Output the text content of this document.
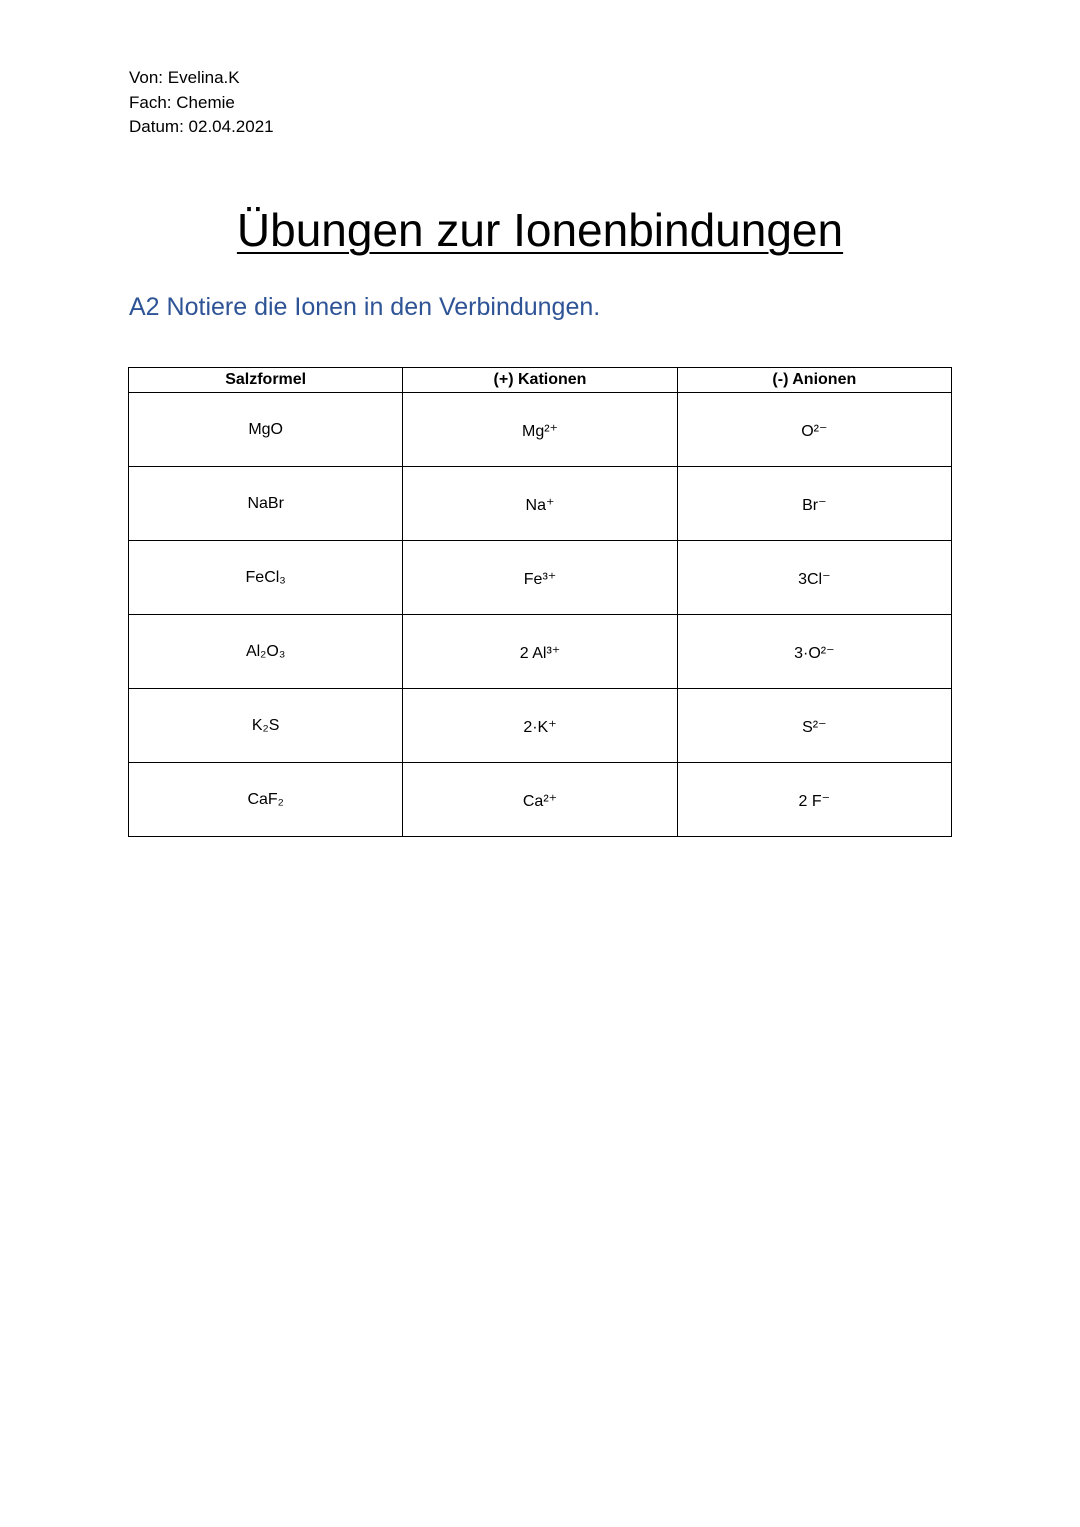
Von: Evelina.K
Fach: Chemie
Datum: 02.04.2021
Übungen zur Ionenbindungen
A2 Notiere die Ionen in den Verbindungen.
Salzformel	(+) Kationen	(-) Anionen
MgO	Mg²⁺	O²⁻
NaBr	Na⁺	Br⁻
FeCl₃	Fe³⁺	3Cl⁻
Al₂O₃	2 Al³⁺	3·O²⁻
K₂S	2·K⁺	S²⁻
CaF₂	Ca²⁺	2 F⁻
